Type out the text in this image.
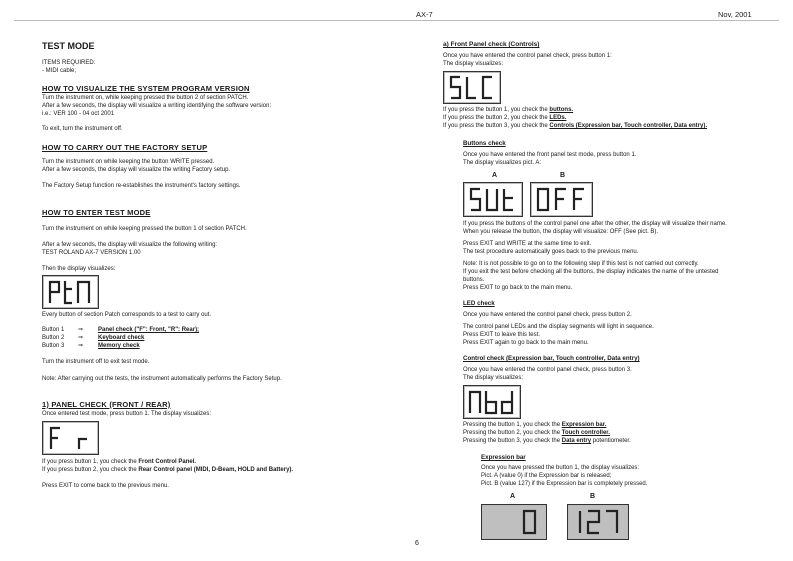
AX-7	Nov, 2001
TEST MODE
ITEMS REQUIRED:
- MIDI cable;
HOW TO VISUALIZE THE SYSTEM PROGRAM VERSION
Turn the instrument on, while keeping pressed the button 2 of section PATCH.
After a few seconds, the display will visualize a writing identifying the software version:
i.e.: VER 100 - 04 oct 2001
To exit, turn the instrument off.
HOW TO CARRY OUT THE FACTORY SETUP
Turn the instrument on while keeping the button WRITE pressed.
After a few seconds, the display will visualize the writing Factory setup.
The Factory Setup function re-establishes the instrument's factory settings.
HOW TO ENTER TEST MODE
Turn the instrument on while keeping pressed the button 1 of section PATCH.
After a few seconds, the display will visualize the following writing:
TEST ROLAND AX-7 VERSION 1.00
Then the display visualizes:
Every button of section Patch corresponds to a test to carry out.
Button 1 ⇒ Panel check ("F": Front, "R": Rear);
Button 2 ⇒ Keyboard check
Button 3 ⇒ Memory check
Turn the instrument off to exit test mode.
Note: After carrying out the tests, the instrument automatically performs the Factory Setup.
1) PANEL CHECK (FRONT / REAR)
Once entered test mode, press button 1. The display visualizes:
If you press button 1, you check the Front Control Panel.
If you press button 2, you check the Rear Control panel (MIDI, D-Beam, HOLD and Battery).
Press EXIT to come back to the previous menu.
6
a) Front Panel check (Controls)
Once you have entered the control panel check, press button 1:
The display visualizes:
If you press the button 1, you check the buttons.
If you press the button 2, you check the LEDs.
If you press the button 3, you check the Controls (Expression bar, Touch controller, Data entry).
Buttons check
Once you have entered the front panel test mode, press button 1.
The display visualizes pict. A:
A	B
If you press the buttons of the control panel one after the other, the display will visualize their name.
When you release the button, the display will visualize: OFF (See pict. B).
Press EXIT and WRITE at the same time to exit.
The test procedure automatically goes back to the previous menu.
Note: It is not possible to go on to the following step if this test is not carried out correctly.
If you exit the test before checking all the buttons, the display indicates the name of the untested
buttons.
Press EXIT to go back to the main menu.
LED check
Once you have entered the control panel check, press button 2.
The control panel LEDs and the display segments will light in sequence.
Press EXIT to leave this test.
Press EXIT again to go back to the main menu.
Control check (Expression bar, Touch controller, Data entry)
Once you have entered the control panel check, press button 3.
The display visualizes:
Pressing the button 1, you check the Expression bar.
Pressing the button 2, you check the Touch controller.
Pressing the button 3, you check the Data entry potentiometer.
Expression bar
Once you have pressed the button 1, the display visualizes:
Pict. A (value 0) if the Expression bar is released;
Pict. B (value 127) if the Expression bar is completely pressed.
A	B
